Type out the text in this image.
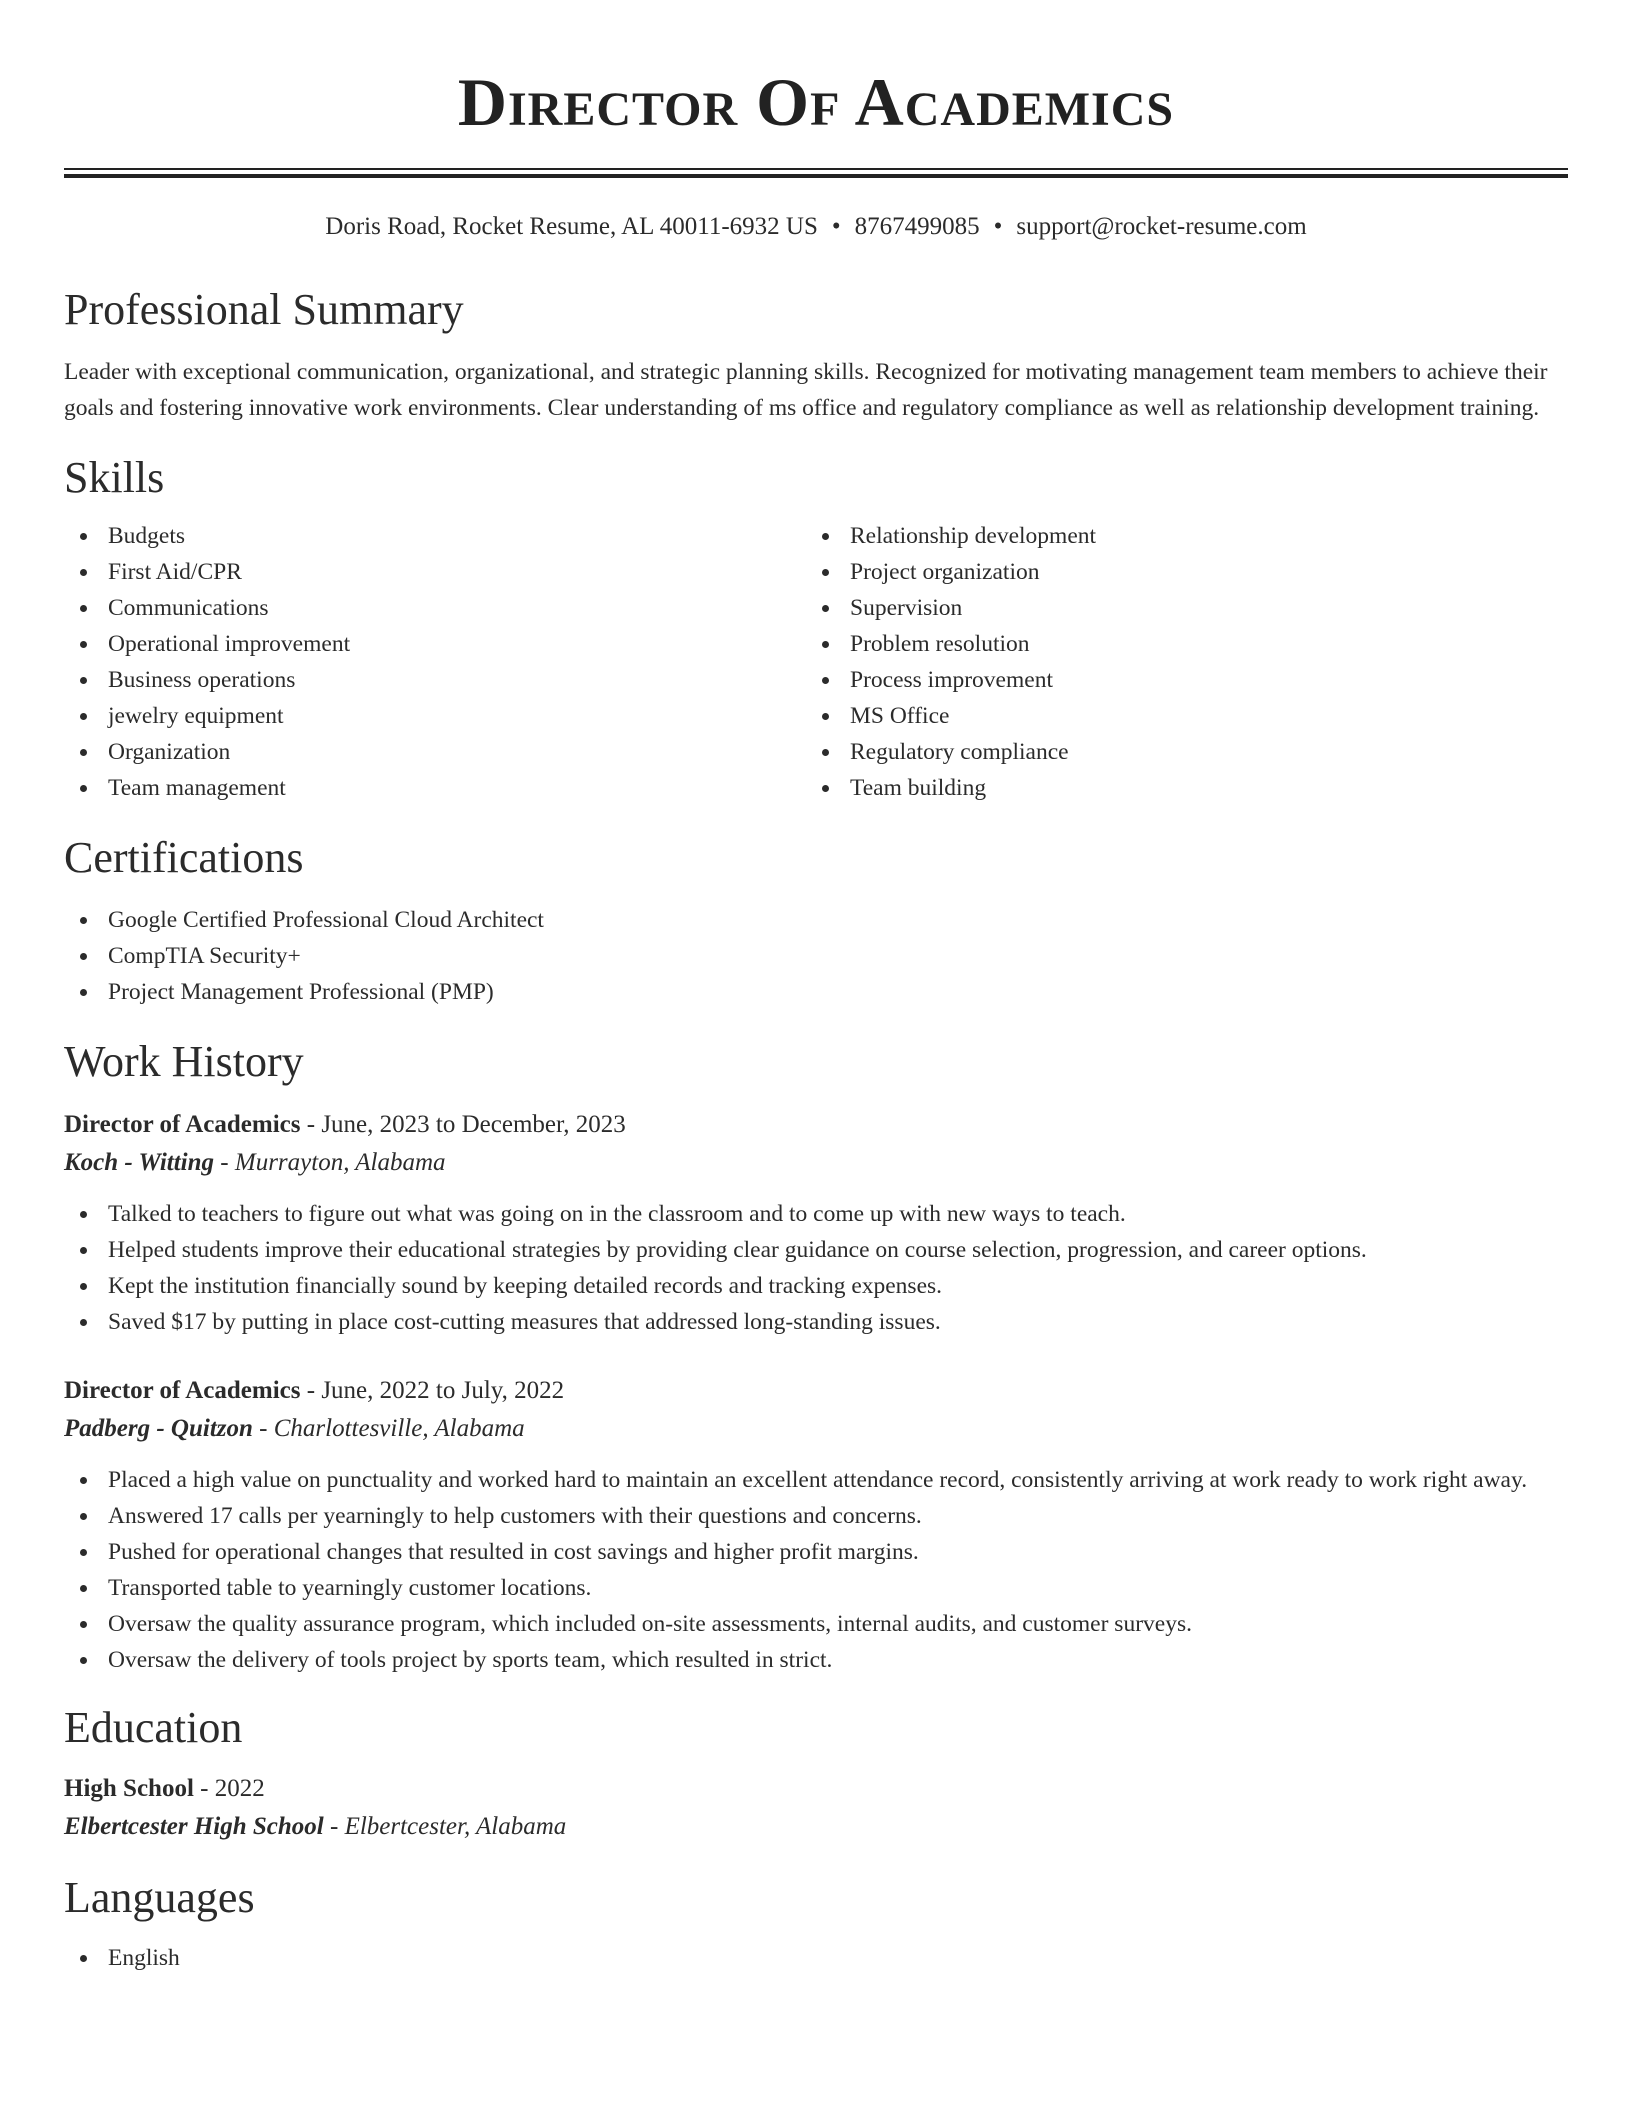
Director Of Academics
Doris Road, Rocket Resume, AL 40011-6932 US • 8767499085 • support@rocket-resume.com
Professional Summary

Leader with exceptional communication, organizational, and strategic planning skills. Recognized for motivating management team members to achieve their goals and fostering innovative work environments. Clear understanding of ms office and regulatory compliance as well as relationship development training.

Skills
Budgets
First Aid/CPR
Communications
Operational improvement
Business operations
jewelry equipment
Organization
Team management
Relationship development
Project organization
Supervision
Problem resolution
Process improvement
MS Office
Regulatory compliance
Team building
Certifications
Google Certified Professional Cloud Architect
CompTIA Security+
Project Management Professional (PMP)
Work History
Director of Academics - June, 2023 to December, 2023
Koch - Witting - Murrayton, Alabama
Talked to teachers to figure out what was going on in the classroom and to come up with new ways to teach.
Helped students improve their educational strategies by providing clear guidance on course selection, progression, and career options.
Kept the institution financially sound by keeping detailed records and tracking expenses.
Saved $17 by putting in place cost-cutting measures that addressed long-standing issues.
Director of Academics - June, 2022 to July, 2022
Padberg - Quitzon - Charlottesville, Alabama
Placed a high value on punctuality and worked hard to maintain an excellent attendance record, consistently arriving at work ready to work right away.
Answered 17 calls per yearningly to help customers with their questions and concerns.
Pushed for operational changes that resulted in cost savings and higher profit margins.
Transported table to yearningly customer locations.
Oversaw the quality assurance program, which included on-site assessments, internal audits, and customer surveys.
Oversaw the delivery of tools project by sports team, which resulted in strict.
Education
High School - 2022
Elbertcester High School - Elbertcester, Alabama
Languages
English
